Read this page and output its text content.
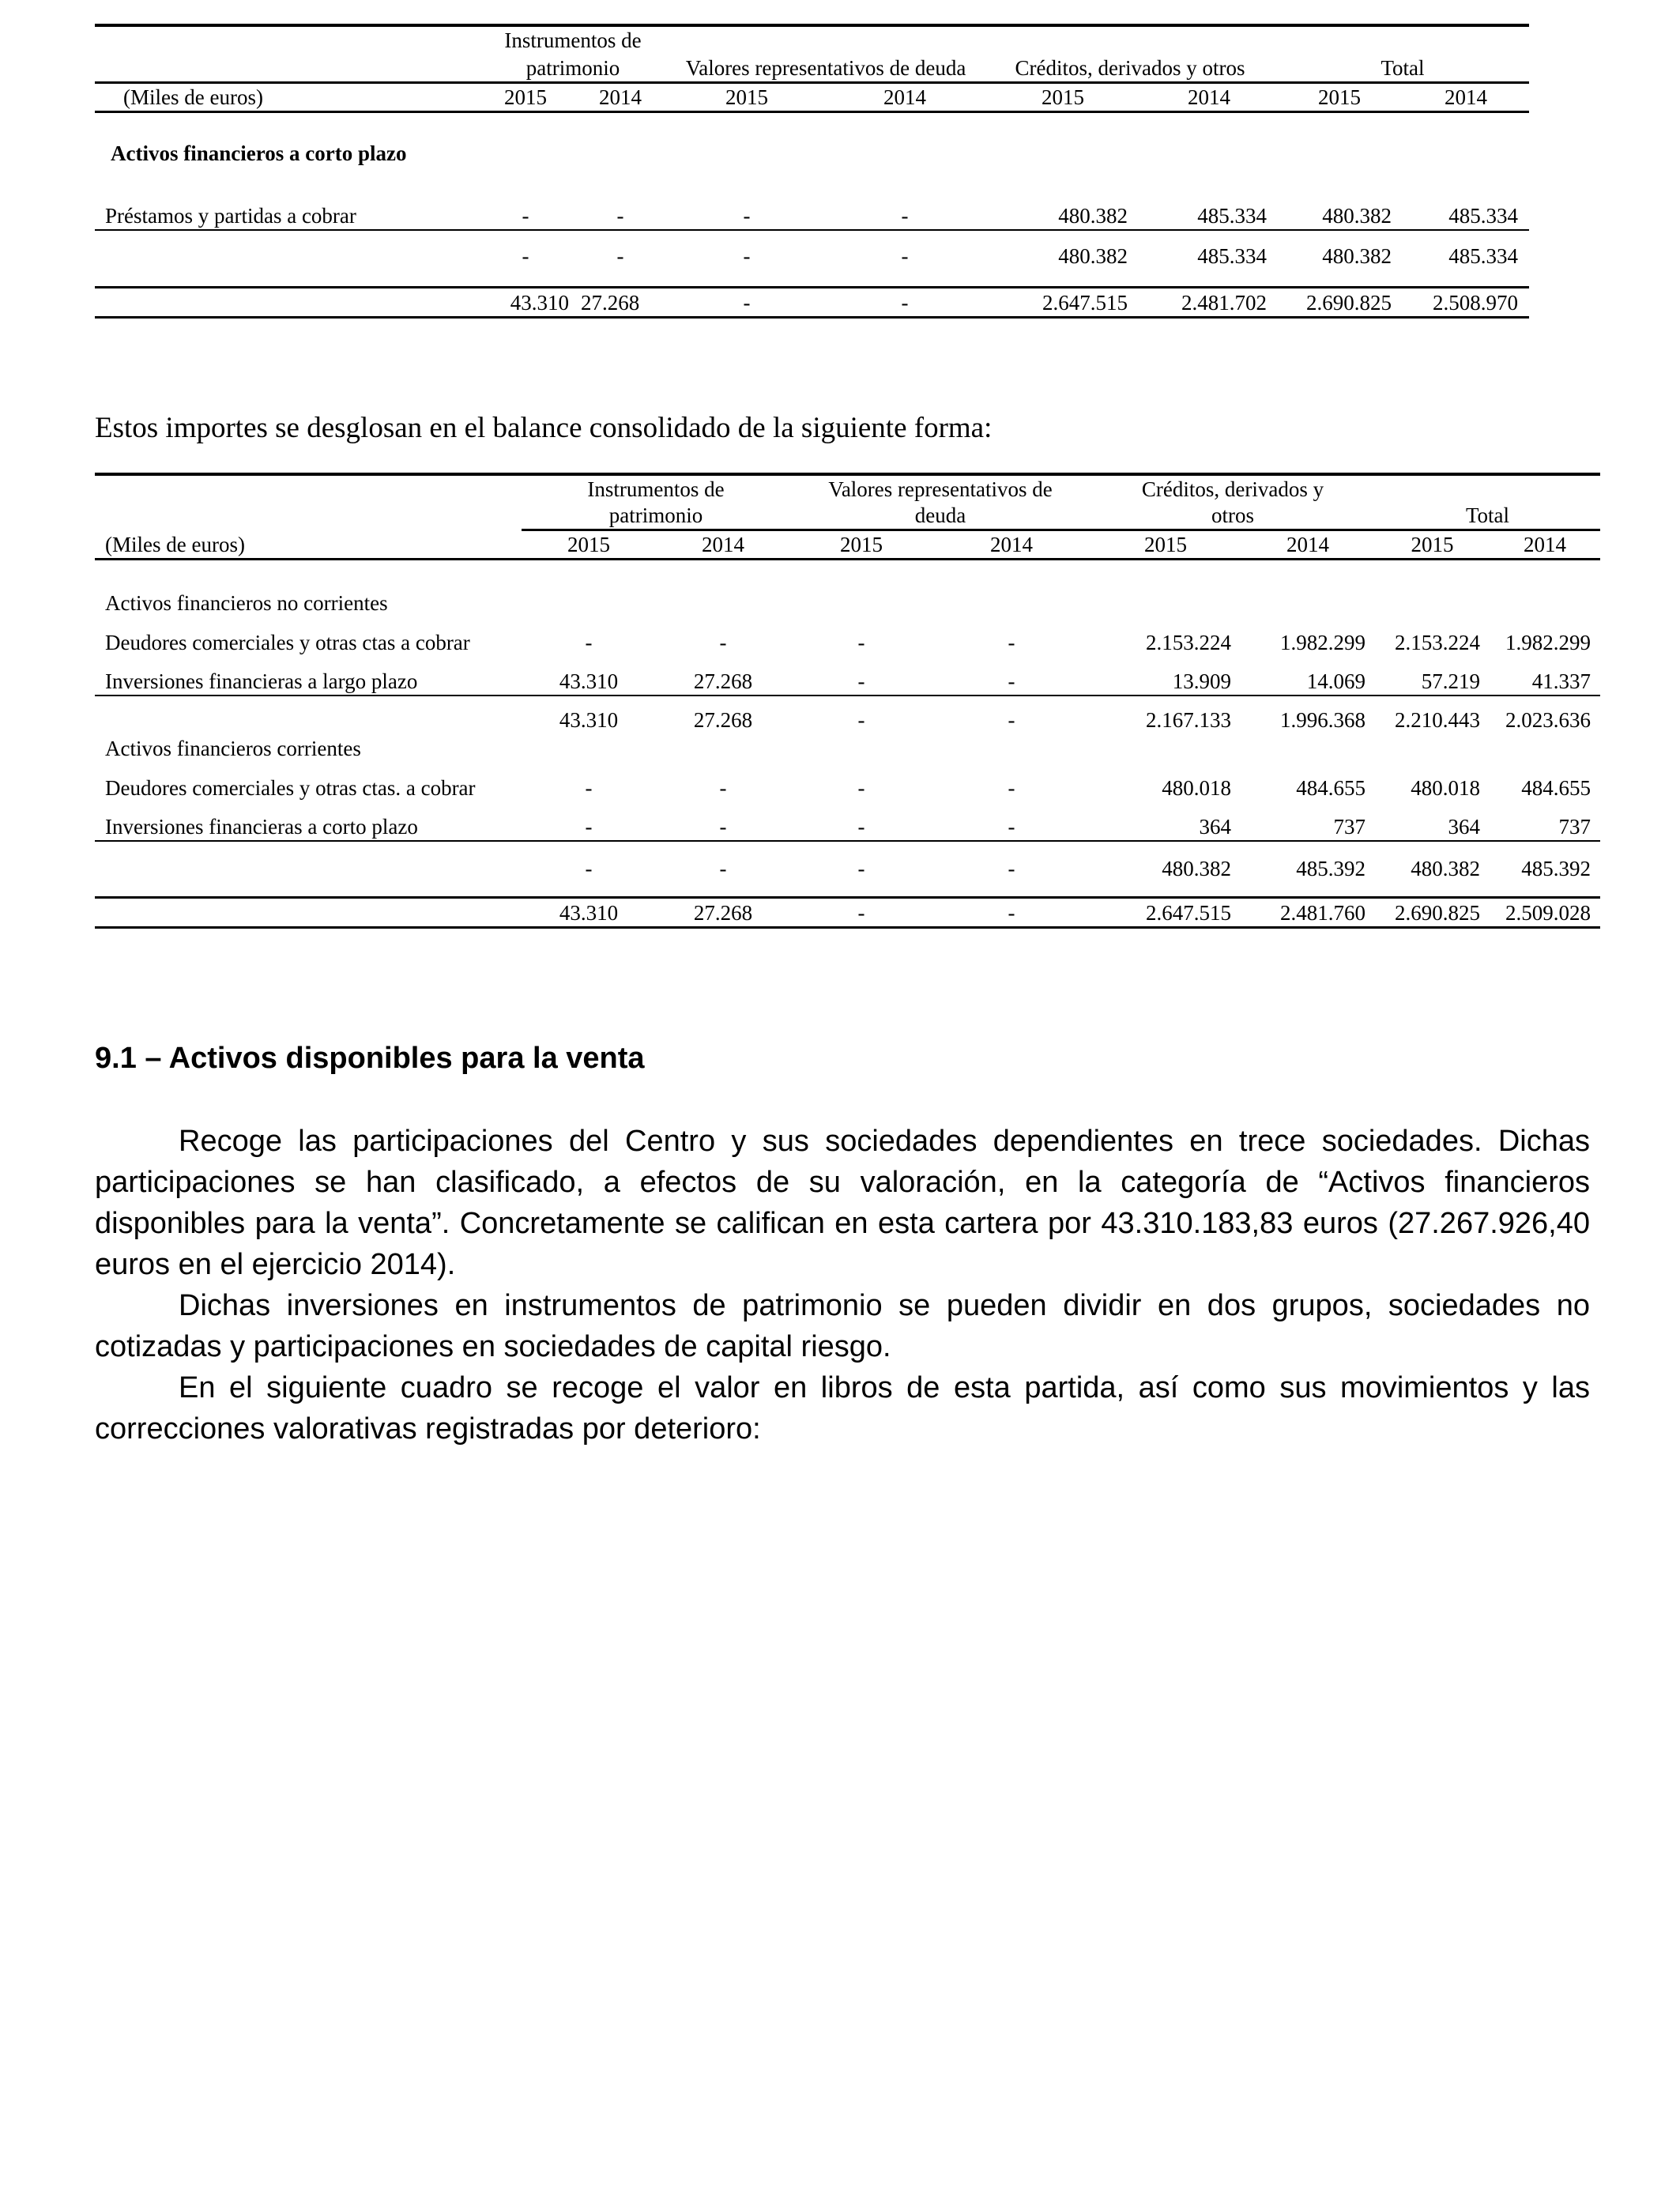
	Instrumentos de							
	patrimonio		Valores representativos de deuda		Créditos, derivados y otros		Total	
(Miles de euros)	2015	2014	2015	2014	2015	2014	2015	2014
Activos financieros a corto plazo								
Préstamos y partidas a cobrar	-	-	-	-	480.382	485.334	480.382	485.334
	-	-	-	-	480.382	485.334	480.382	485.334

	43.310	27.268	-	-	2.647.515	2.481.702	2.690.825	2.508.970
Estos importes se desglosan en el balance consolidado de la siguiente forma:
	Instrumentos de		Valores representativos de		Créditos, derivados y			
	patrimonio		deuda		otros		Total	
(Miles de euros)	2015	2014	2015	2014	2015	2014	2015	2014
Activos financieros no corrientes								
Deudores comerciales y otras ctas a cobrar	-	-	-	-	2.153.224	1.982.299	2.153.224	1.982.299
Inversiones financieras a largo plazo	43.310	27.268	-	-	13.909	14.069	57.219	41.337
	43.310	27.268	-	-	2.167.133	1.996.368	2.210.443	2.023.636
Activos financieros corrientes								
Deudores comerciales y otras ctas. a cobrar	-	-	-	-	480.018	484.655	480.018	484.655
Inversiones financieras a corto plazo	-	-	-	-	364	737	364	737
	-	-	-	-	480.382	485.392	480.382	485.392

	43.310	27.268	-	-	2.647.515	2.481.760	2.690.825	2.509.028
9.1 – Activos disponibles para la venta

Recoge las participaciones del Centro y sus sociedades dependientes en trece sociedades. Dichas participaciones se han clasificado, a efectos de su valoración, en la categoría de “Activos financieros disponibles para la venta”. Concretamente se califican en esta cartera por 43.310.183,83 euros (27.267.926,40 euros en el ejercicio 2014).

Dichas inversiones en instrumentos de patrimonio se pueden dividir en dos grupos, sociedades no cotizadas y participaciones en sociedades de capital riesgo.

En el siguiente cuadro se recoge el valor en libros de esta partida, así como sus movimientos y las correcciones valorativas registradas por deterioro:
